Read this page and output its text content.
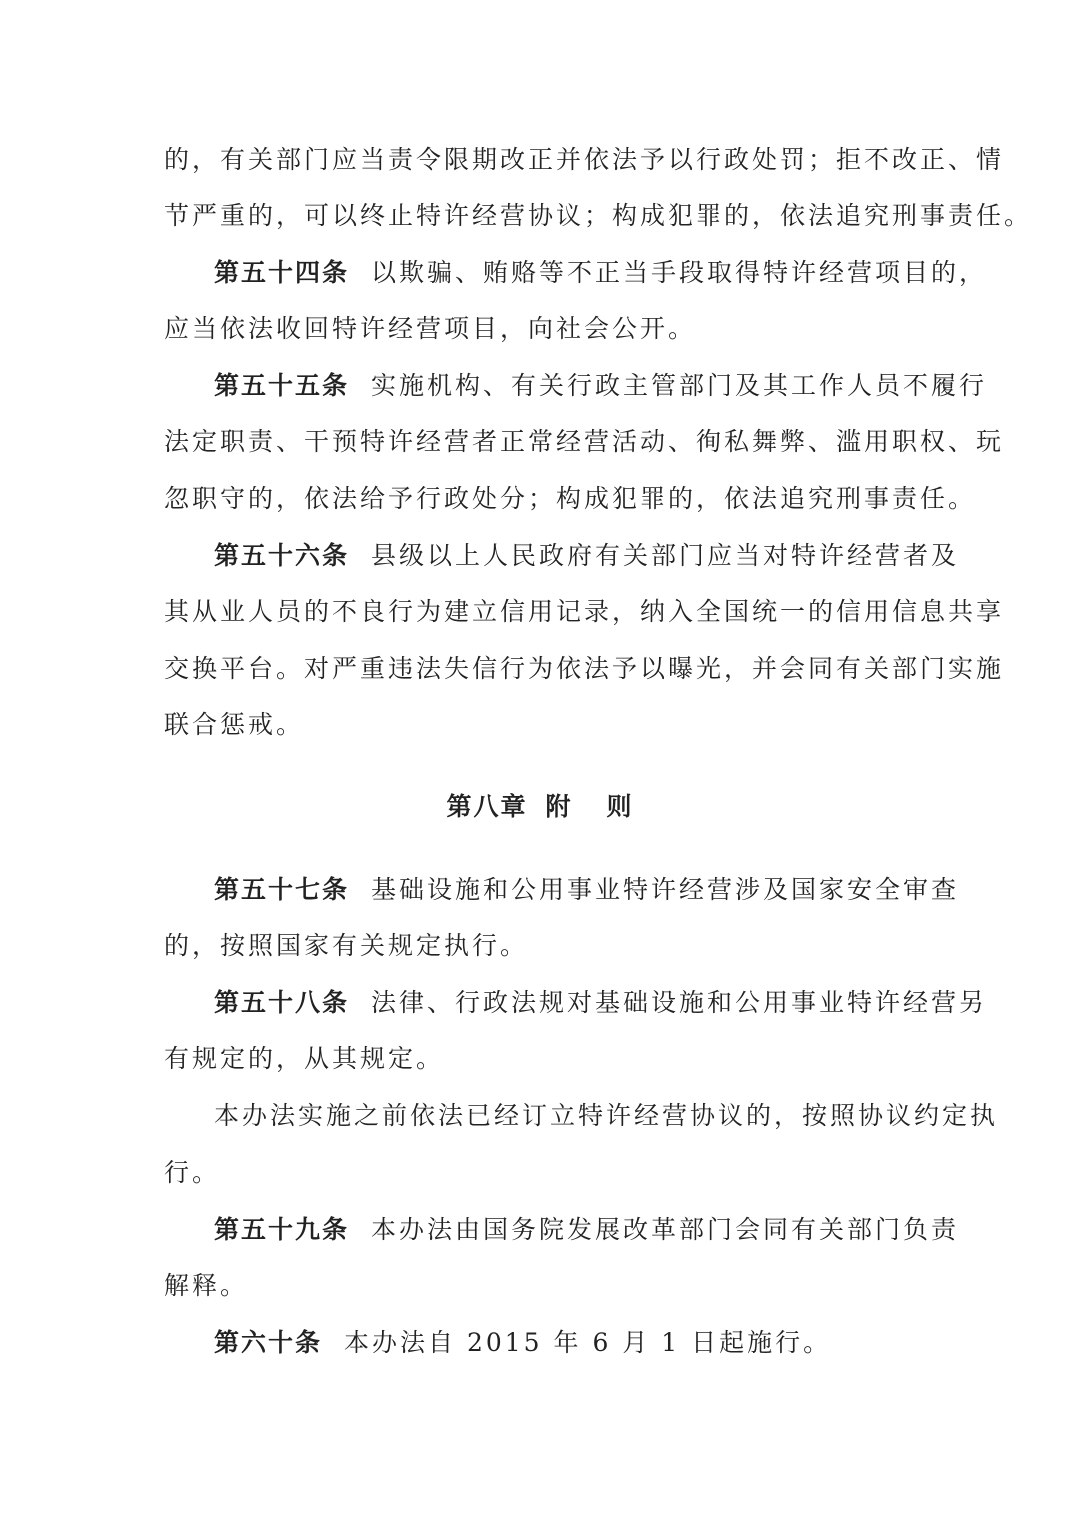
的，有关部门应当责令限期改正并依法予以行政处罚；拒不改正、情
节严重的，可以终止特许经营协议；构成犯罪的，依法追究刑事责任。
第五十四条 以欺骗、贿赂等不正当手段取得特许经营项目的，
应当依法收回特许经营项目，向社会公开。
第五十五条 实施机构、有关行政主管部门及其工作人员不履行
法定职责、干预特许经营者正常经营活动、徇私舞弊、滥用职权、玩
忽职守的，依法给予行政处分；构成犯罪的，依法追究刑事责任。
第五十六条 县级以上人民政府有关部门应当对特许经营者及
其从业人员的不良行为建立信用记录，纳入全国统一的信用信息共享
交换平台。对严重违法失信行为依法予以曝光，并会同有关部门实施
联合惩戒。
第八章 附 则
第五十七条 基础设施和公用事业特许经营涉及国家安全审查
的，按照国家有关规定执行。
第五十八条 法律、行政法规对基础设施和公用事业特许经营另
有规定的，从其规定。
本办法实施之前依法已经订立特许经营协议的，按照协议约定执
行。
第五十九条 本办法由国务院发展改革部门会同有关部门负责
解释。
第六十条 本办法自 2015 年 6 月 1 日起施行。
